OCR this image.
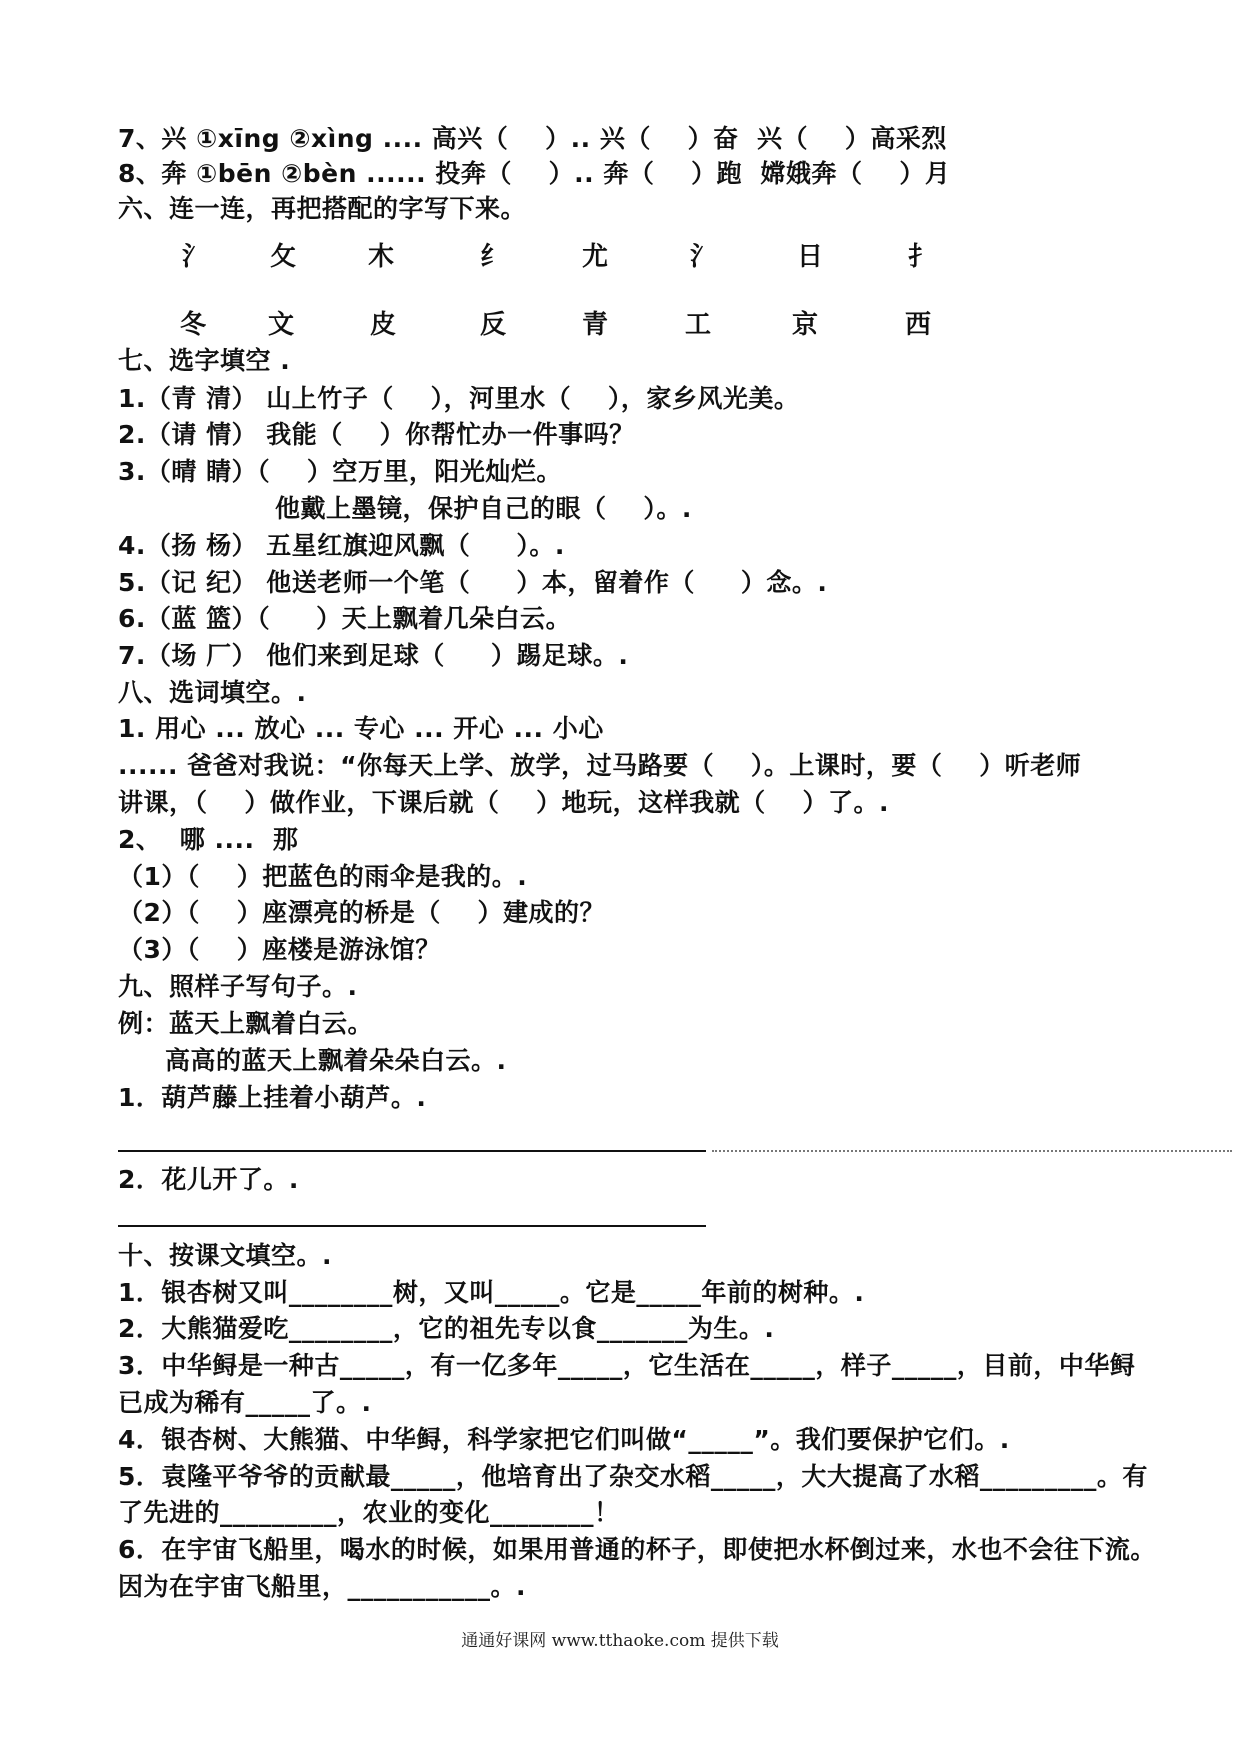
7、兴 ①xīng ②xìng .... 高兴（    ）.. 兴（    ）奋  兴（    ）高采烈
8、奔 ①bēn ②bèn ...... 投奔（    ）.. 奔（    ）跑  嫦娥奔（    ）月
六、连一连，再把搭配的字写下来。
氵 攵	木	纟	尤	氵	日	扌
冬 文	皮	反	青	工	京	西
七、选字填空 .
1.（青 清） 山上竹子（    ），河里水（    ），家乡风光美。
2.（请 情） 我能（    ）你帮忙办一件事吗？
3.（晴 睛）（    ）空万里，阳光灿烂。
他戴上墨镜，保护自己的眼（    ）。.
4.（扬 杨） 五星红旗迎风飘（     ）。.
5.（记 纪） 他送老师一个笔（     ）本，留着作（     ）念。.
6.（蓝 篮）（     ）天上飘着几朵白云。
7.（场 厂） 他们来到足球（     ）踢足球。.
八、选词填空。.
1. 用心 ... 放心 ... 专心 ... 开心 ... 小心
...... 爸爸对我说：“你每天上学、放学，过马路要（    ）。上课时，要（    ）听老师
讲课，（    ）做作业，下课后就（    ）地玩，这样我就（    ）了。.
2、  哪 ....  那
（1）（    ）把蓝色的雨伞是我的。.
（2）（    ）座漂亮的桥是（    ）建成的？
（3）（    ）座楼是游泳馆？
九、照样子写句子。.
例：蓝天上飘着白云。
高高的蓝天上飘着朵朵白云。.
1．葫芦藤上挂着小葫芦。.
2．花儿开了。.
十、按课文填空。.
1．银杏树又叫________树，又叫_____。它是_____年前的树种。.
2．大熊猫爱吃________，它的祖先专以食_______为生。.
3．中华鲟是一种古_____，有一亿多年_____，它生活在_____，样子_____，目前，中华鲟
已成为稀有_____了。.
4．银杏树、大熊猫、中华鲟，科学家把它们叫做“_____”。我们要保护它们。.
5．袁隆平爷爷的贡献最_____，他培育出了杂交水稻_____，大大提高了水稻_________。有
了先进的_________，农业的变化________！
6．在宇宙飞船里，喝水的时候，如果用普通的杯子，即使把水杯倒过来，水也不会往下流。
因为在宇宙飞船里，___________。.
通通好课网 www.tthaoke.com 提供下载
